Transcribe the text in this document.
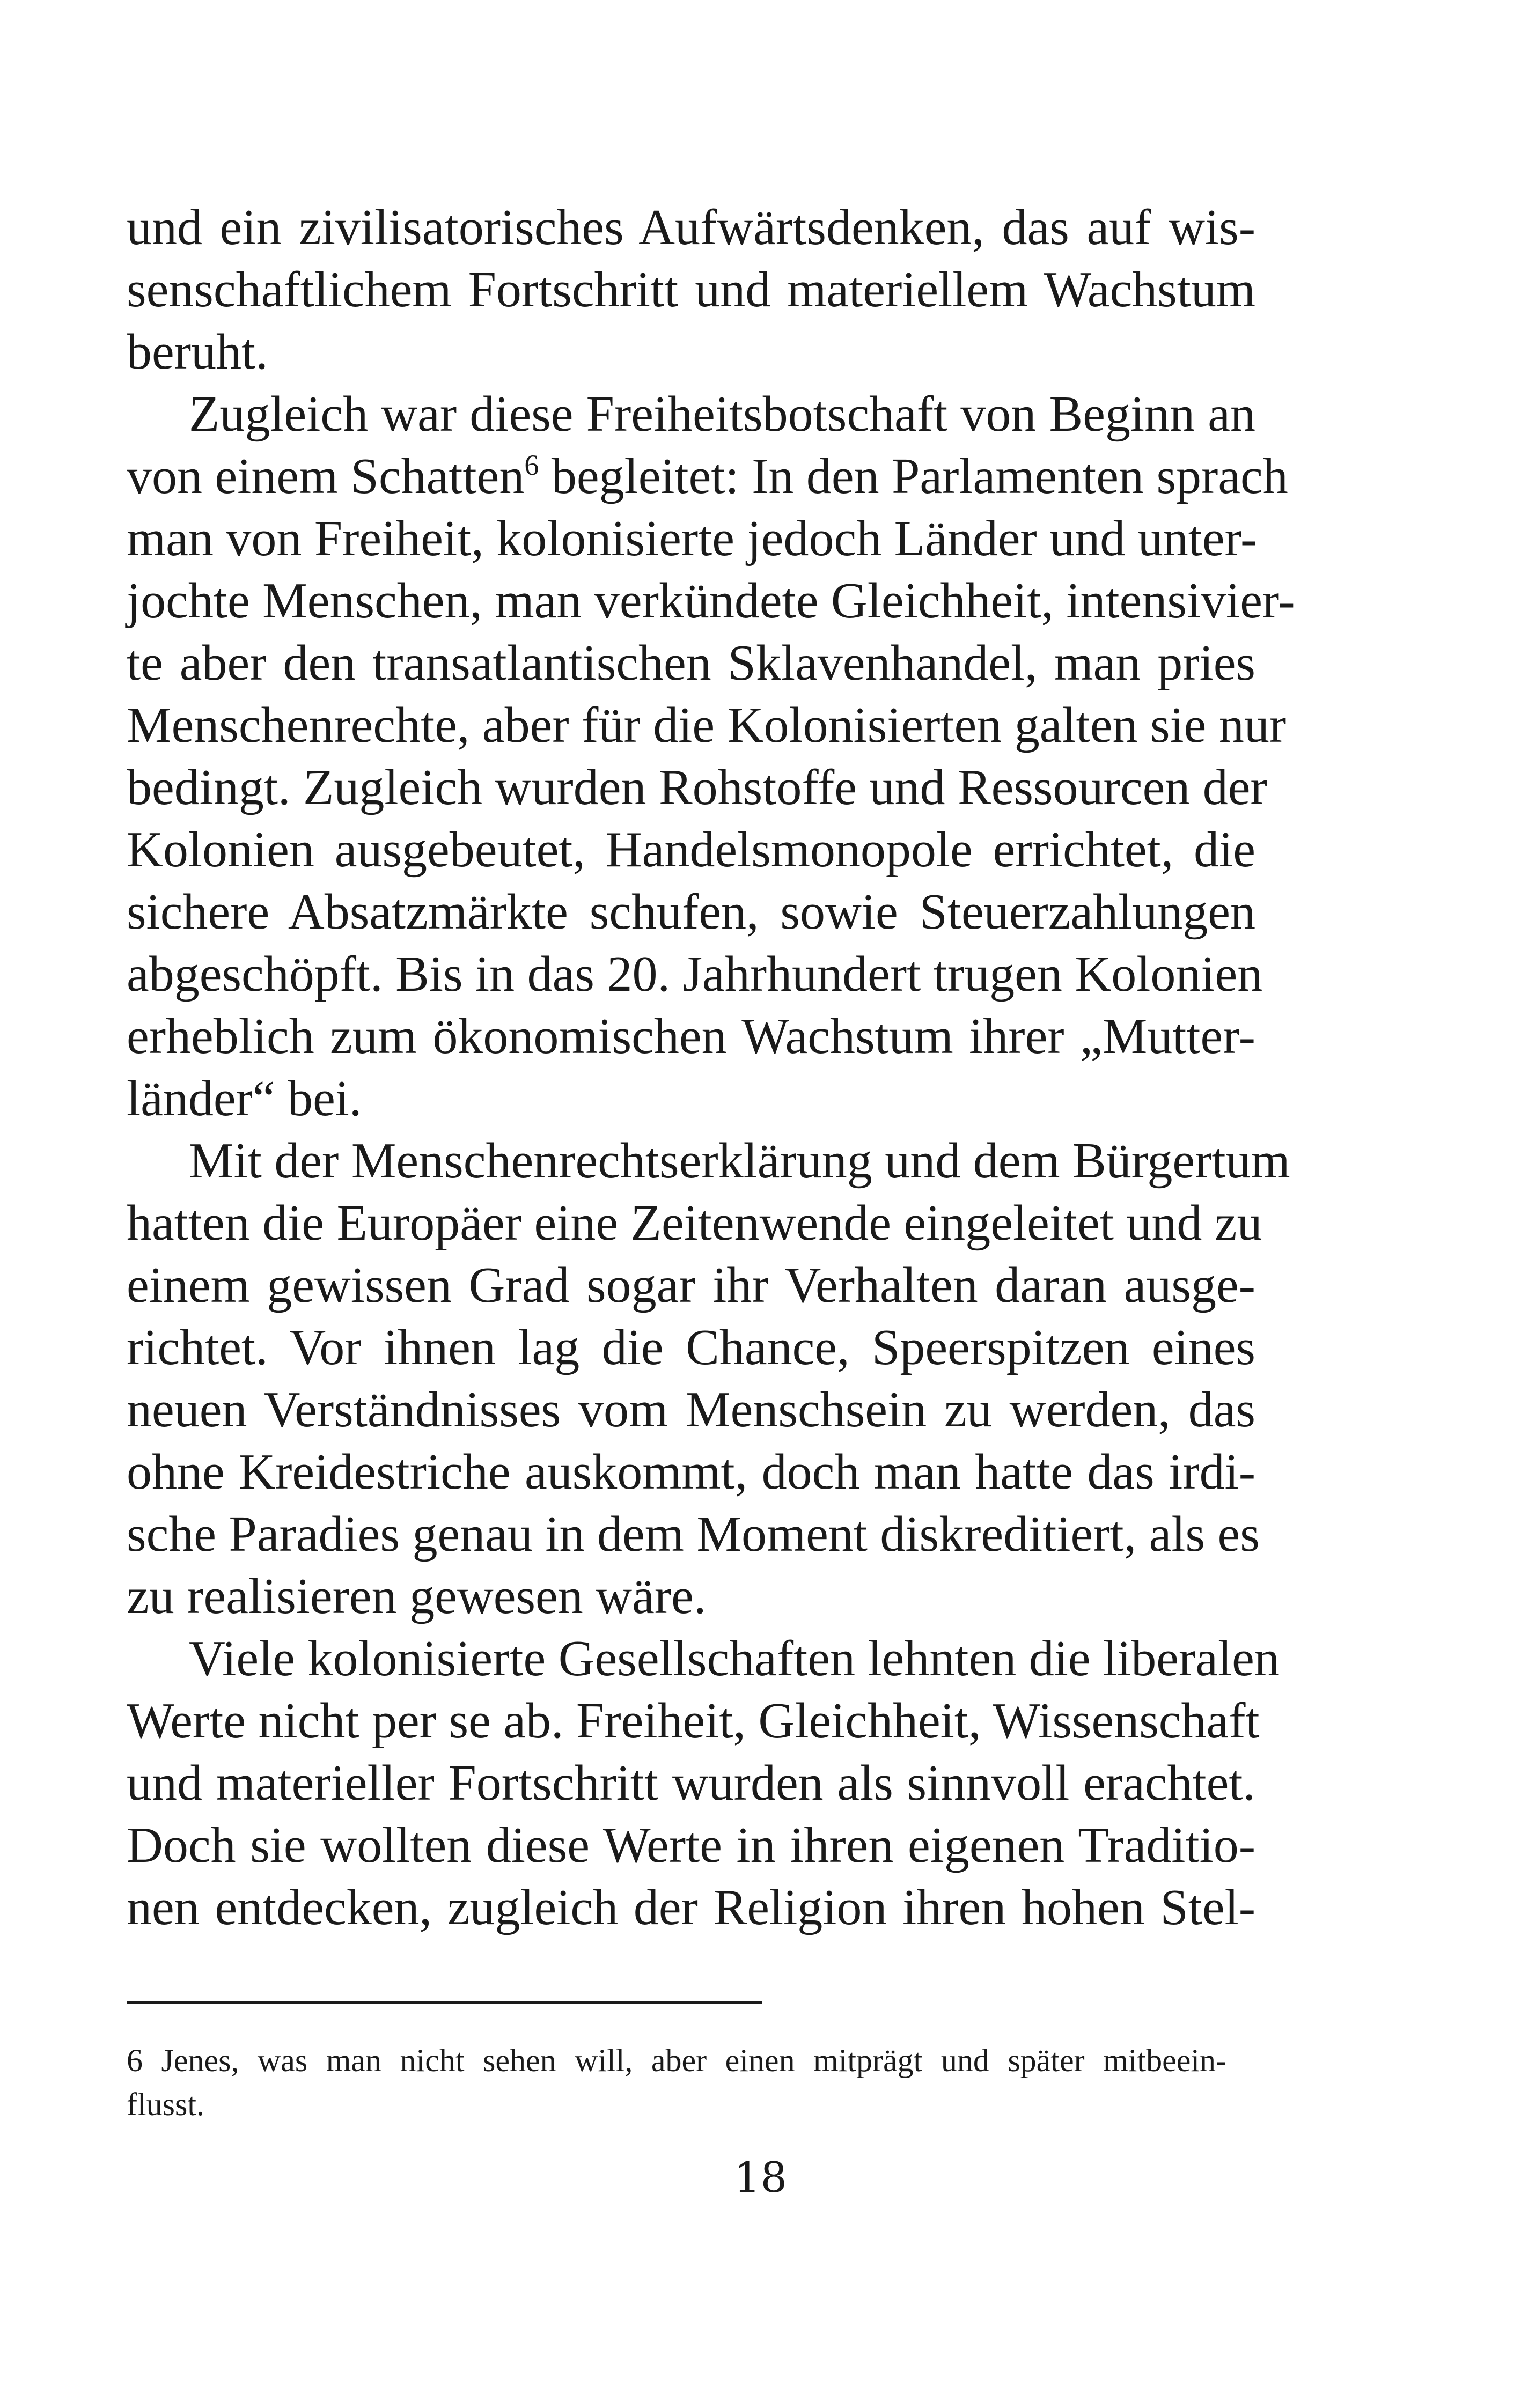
und ein zivilisatorisches Aufwärtsdenken, das auf wis-
senschaftlichem Fortschritt und materiellem Wachstum
beruht.
Zugleich war diese Freiheitsbotschaft von Beginn an
von einem Schatten$^6$ begleitet: In den Parlamenten sprach
man von Freiheit, kolonisierte jedoch Länder und unter-
jochte Menschen, man verkündete Gleichheit, intensivier-
te aber den transatlantischen Sklavenhandel, man pries
Menschenrechte, aber für die Kolonisierten galten sie nur
bedingt. Zugleich wurden Rohstoffe und Ressourcen der
Kolonien ausgebeutet, Handelsmonopole errichtet, die
sichere Absatzmärkte schufen, sowie Steuerzahlungen
abgeschöpft. Bis in das 20. Jahrhundert trugen Kolonien
erheblich zum ökonomischen Wachstum ihrer „Mutter-
länder“ bei.
Mit der Menschenrechtserklärung und dem Bürgertum
hatten die Europäer eine Zeitenwende eingeleitet und zu
einem gewissen Grad sogar ihr Verhalten daran ausge-
richtet. Vor ihnen lag die Chance, Speerspitzen eines
neuen Verständnisses vom Menschsein zu werden, das
ohne Kreidestriche auskommt, doch man hatte das irdi-
sche Paradies genau in dem Moment diskreditiert, als es
zu realisieren gewesen wäre.
Viele kolonisierte Gesellschaften lehnten die liberalen
Werte nicht per se ab. Freiheit, Gleichheit, Wissenschaft
und materieller Fortschritt wurden als sinnvoll erachtet.
Doch sie wollten diese Werte in ihren eigenen Traditio-
nen entdecken, zugleich der Religion ihren hohen Stel-
6 Jenes, was man nicht sehen will, aber einen mitprägt und später mitbeein-
flusst.
18
